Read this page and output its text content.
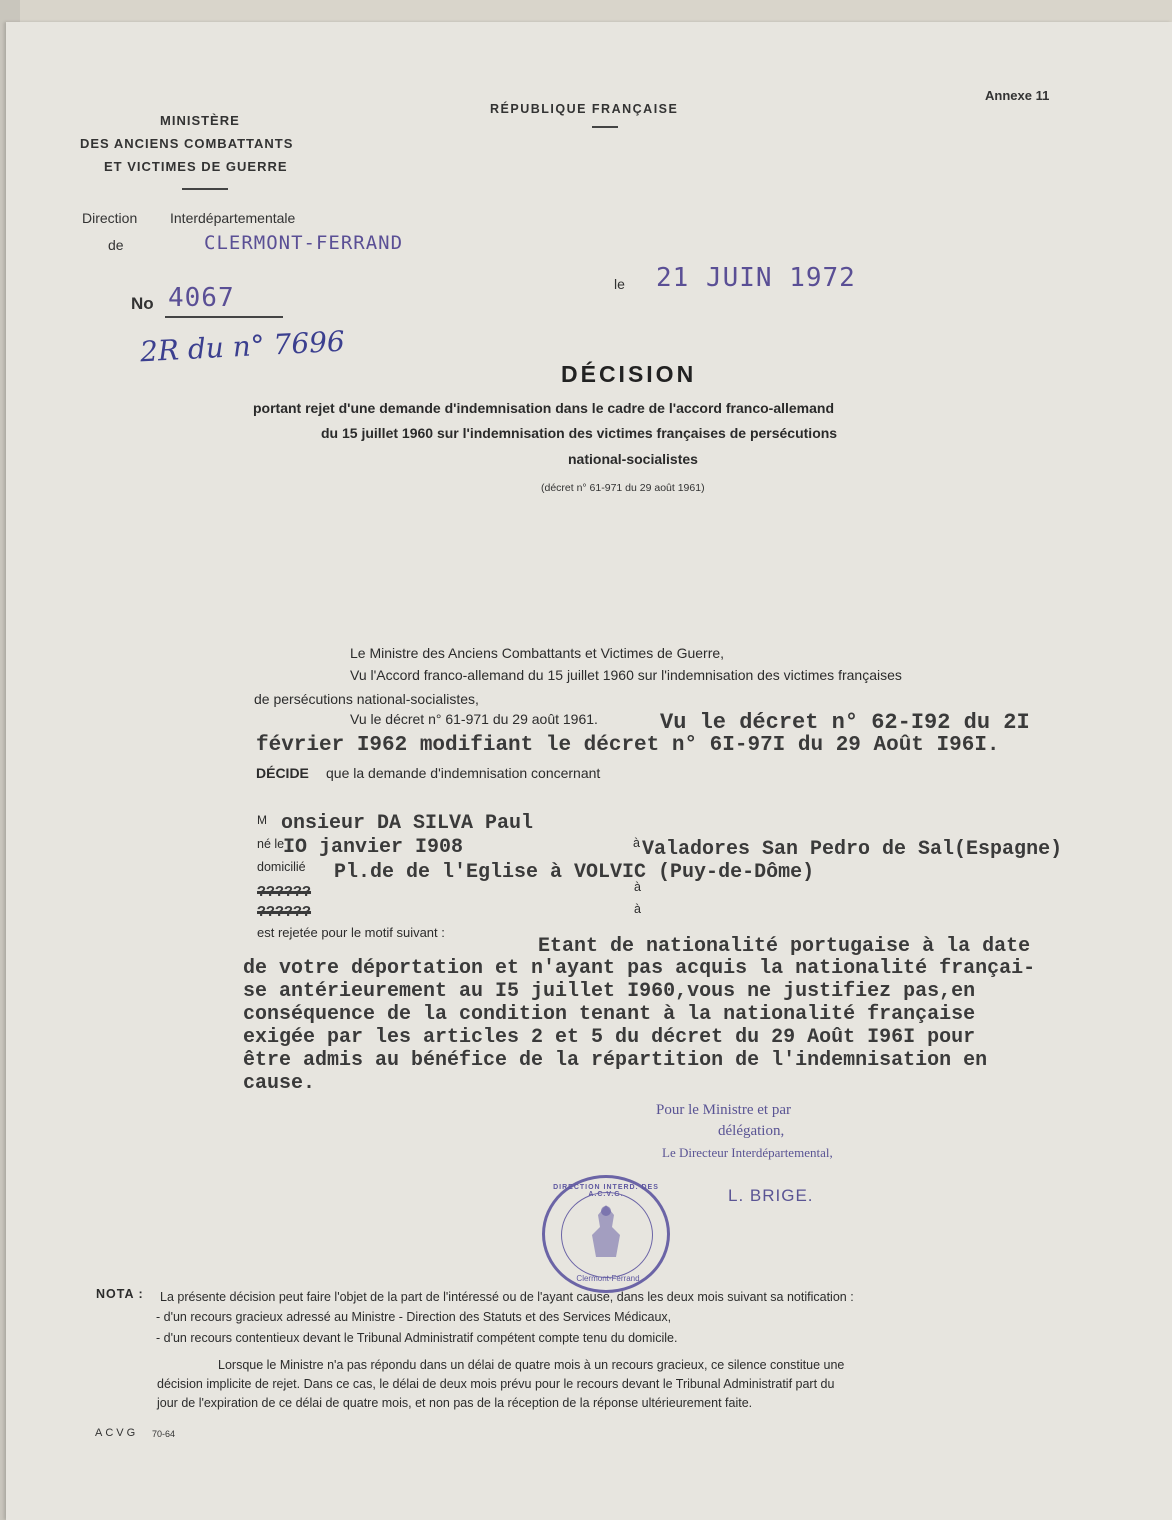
MINISTÈRE
DES ANCIENS COMBATTANTS
ET VICTIMES DE GUERRE
RÉPUBLIQUE FRANÇAISE
Annexe 11
Direction Interdépartementale
de	CLERMONT-FERRAND
No 4067
2R du n° 7696
le 21 JUIN 1972
DÉCISION
portant rejet d'une demande d'indemnisation dans le cadre de l'accord franco-allemand
du 15 juillet 1960 sur l'indemnisation des victimes françaises de persécutions
national-socialistes
(décret n° 61-971 du 29 août 1961)
Le Ministre des Anciens Combattants et Victimes de Guerre,
Vu l'Accord franco-allemand du 15 juillet 1960 sur l'indemnisation des victimes françaises
de persécutions national-socialistes,
Vu le décret n° 61-971 du 29 août 1961.	Vu le décret n° 62-I92 du 2I
février I962 modifiant le décret n° 6I-97I du 29 Août I96I.
DÉCIDE que la demande d'indemnisation concernant
M onsieur DA SILVA Paul
né le
IO janvier I908	à Valadores San Pedro de Sal(Espagne)
domicilié Pl.de de l'Eglise à VOLVIC (Puy-de-Dôme)
??????	à
??????	à
est rejetée pour le motif suivant :
Etant de nationalité portugaise à la date
de votre déportation et n'ayant pas acquis la nationalité françai-
se antérieurement au I5 juillet I960,vous ne justifiez pas,en
conséquence de la condition tenant à la nationalité française
exigée par les articles 2 et 5 du décret du 29 Août I96I pour
être admis au bénéfice de la répartition de l'indemnisation en
cause.
Pour le Ministre et par
délégation,
Le Directeur Interdépartemental,
L. BRIGE.
DIRECTION INTERD. DES A.C.V.G.
Clermont-Ferrand
NOTA : La présente décision peut faire l'objet de la part de l'intéressé ou de l'ayant cause, dans les deux mois suivant sa notification :
- d'un recours gracieux adressé au Ministre - Direction des Statuts et des Services Médicaux,
- d'un recours contentieux devant le Tribunal Administratif compétent compte tenu du domicile.
Lorsque le Ministre n'a pas répondu dans un délai de quatre mois à un recours gracieux, ce silence constitue une
décision implicite de rejet. Dans ce cas, le délai de deux mois prévu pour le recours devant le Tribunal Administratif part du
jour de l'expiration de ce délai de quatre mois, et non pas de la réception de la réponse ultérieurement faite.
ACVG 70-64
